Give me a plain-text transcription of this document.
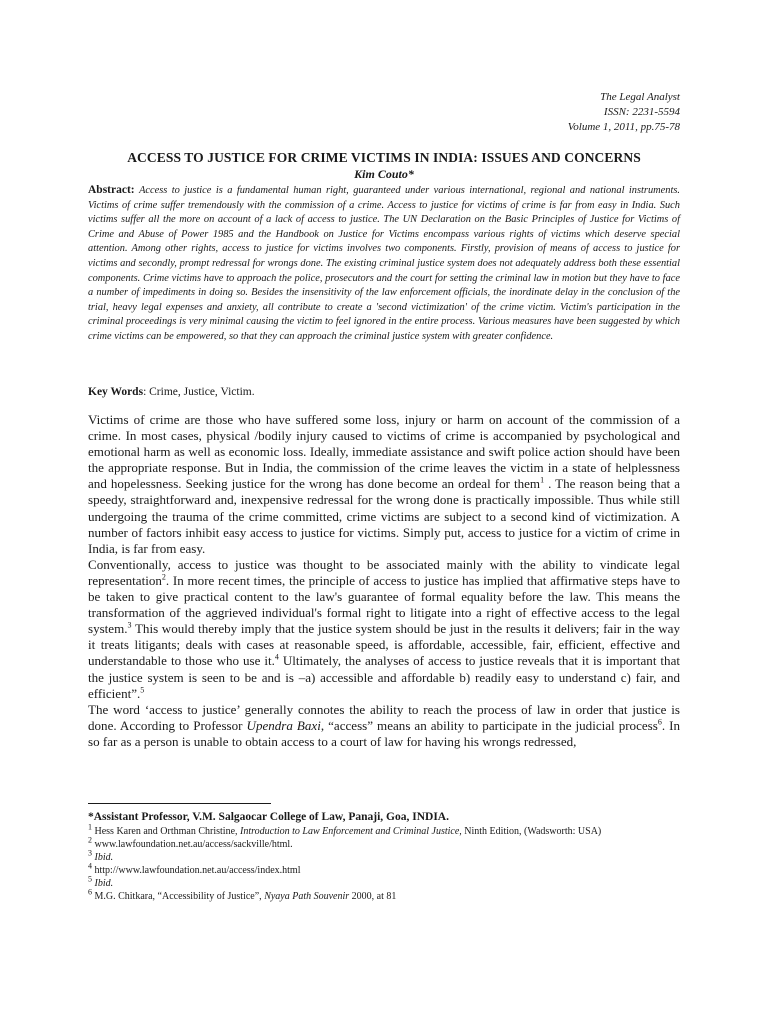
The Legal Analyst
ISSN: 2231-5594
Volume 1, 2011, pp.75-78
ACCESS TO JUSTICE FOR CRIME VICTIMS IN INDIA: ISSUES AND CONCERNS
Kim Couto*
Abstract: Access to justice is a fundamental human right, guaranteed under various international, regional and national instruments. Victims of crime suffer tremendously with the commission of a crime. Access to justice for victims of crime is far from easy in India. Such victims suffer all the more on account of a lack of access to justice. The UN Declaration on the Basic Principles of Justice for Victims of Crime and Abuse of Power 1985 and the Handbook on Justice for Victims encompass various rights of victims which deserve special attention. Among other rights, access to justice for victims involves two components. Firstly, provision of means of access to justice for victims and secondly, prompt redressal for wrongs done. The existing criminal justice system does not adequately address both these essential components. Crime victims have to approach the police, prosecutors and the court for setting the criminal law in motion but they have to face a number of impediments in doing so. Besides the insensitivity of the law enforcement officials, the inordinate delay in the conclusion of the trial, heavy legal expenses and anxiety, all contribute to create a 'second victimization' of the crime victim. Victim's participation in the criminal proceedings is very minimal causing the victim to feel ignored in the entire process. Various measures have been suggested by which crime victims can be empowered, so that they can approach the criminal justice system with greater confidence.
Key Words: Crime, Justice, Victim.

Victims of crime are those who have suffered some loss, injury or harm on account of the commission of a crime. In most cases, physical /bodily injury caused to victims of crime is accompanied by psychological and emotional harm as well as economic loss. Ideally, immediate assistance and swift police action should have been the appropriate response. But in India, the commission of the crime leaves the victim in a state of helplessness and hopelessness. Seeking justice for the wrong has done become an ordeal for them$^1$ . The reason being that a speedy, straightforward and, inexpensive redressal for the wrong done is practically impossible. Thus while still undergoing the trauma of the crime committed, crime victims are subject to a second kind of victimization. A number of factors inhibit easy access to justice for victims. Simply put, access to justice for a victim of crime in India, is far from easy.

Conventionally, access to justice was thought to be associated mainly with the ability to vindicate legal representation$^2$. In more recent times, the principle of access to justice has implied that affirmative steps have to be taken to give practical content to the law's guarantee of formal equality before the law. This means the transformation of the aggrieved individual's formal right to litigate into a right of effective access to the legal system.$^3$ This would thereby imply that the justice system should be just in the results it delivers; fair in the way it treats litigants; deals with cases at reasonable speed, is affordable, accessible, fair, efficient, effective and understandable to those who use it.$^4$ Ultimately, the analyses of access to justice reveals that it is important that the justice system is seen to be and is –a) accessible and affordable b) readily easy to understand c) fair, and efficient”.$^5$

The word ‘access to justice’ generally connotes the ability to reach the process of law in order that justice is done. According to Professor Upendra Baxi, “access” means an ability to participate in the judicial process$^6$. In so far as a person is unable to obtain access to a court of law for having his wrongs redressed,

*Assistant Professor, V.M. Salgaocar College of Law, Panaji, Goa, INDIA.
$^1$ Hess Karen and Orthman Christine, Introduction to Law Enforcement and Criminal Justice, Ninth Edition, (Wadsworth: USA)
$^2$ www.lawfoundation.net.au/access/sackville/html.
$^3$ Ibid.
$^4$ http://www.lawfoundation.net.au/access/index.html
$^5$ Ibid.
$^6$ M.G. Chitkara, “Accessibility of Justice”, Nyaya Path Souvenir 2000, at 81
